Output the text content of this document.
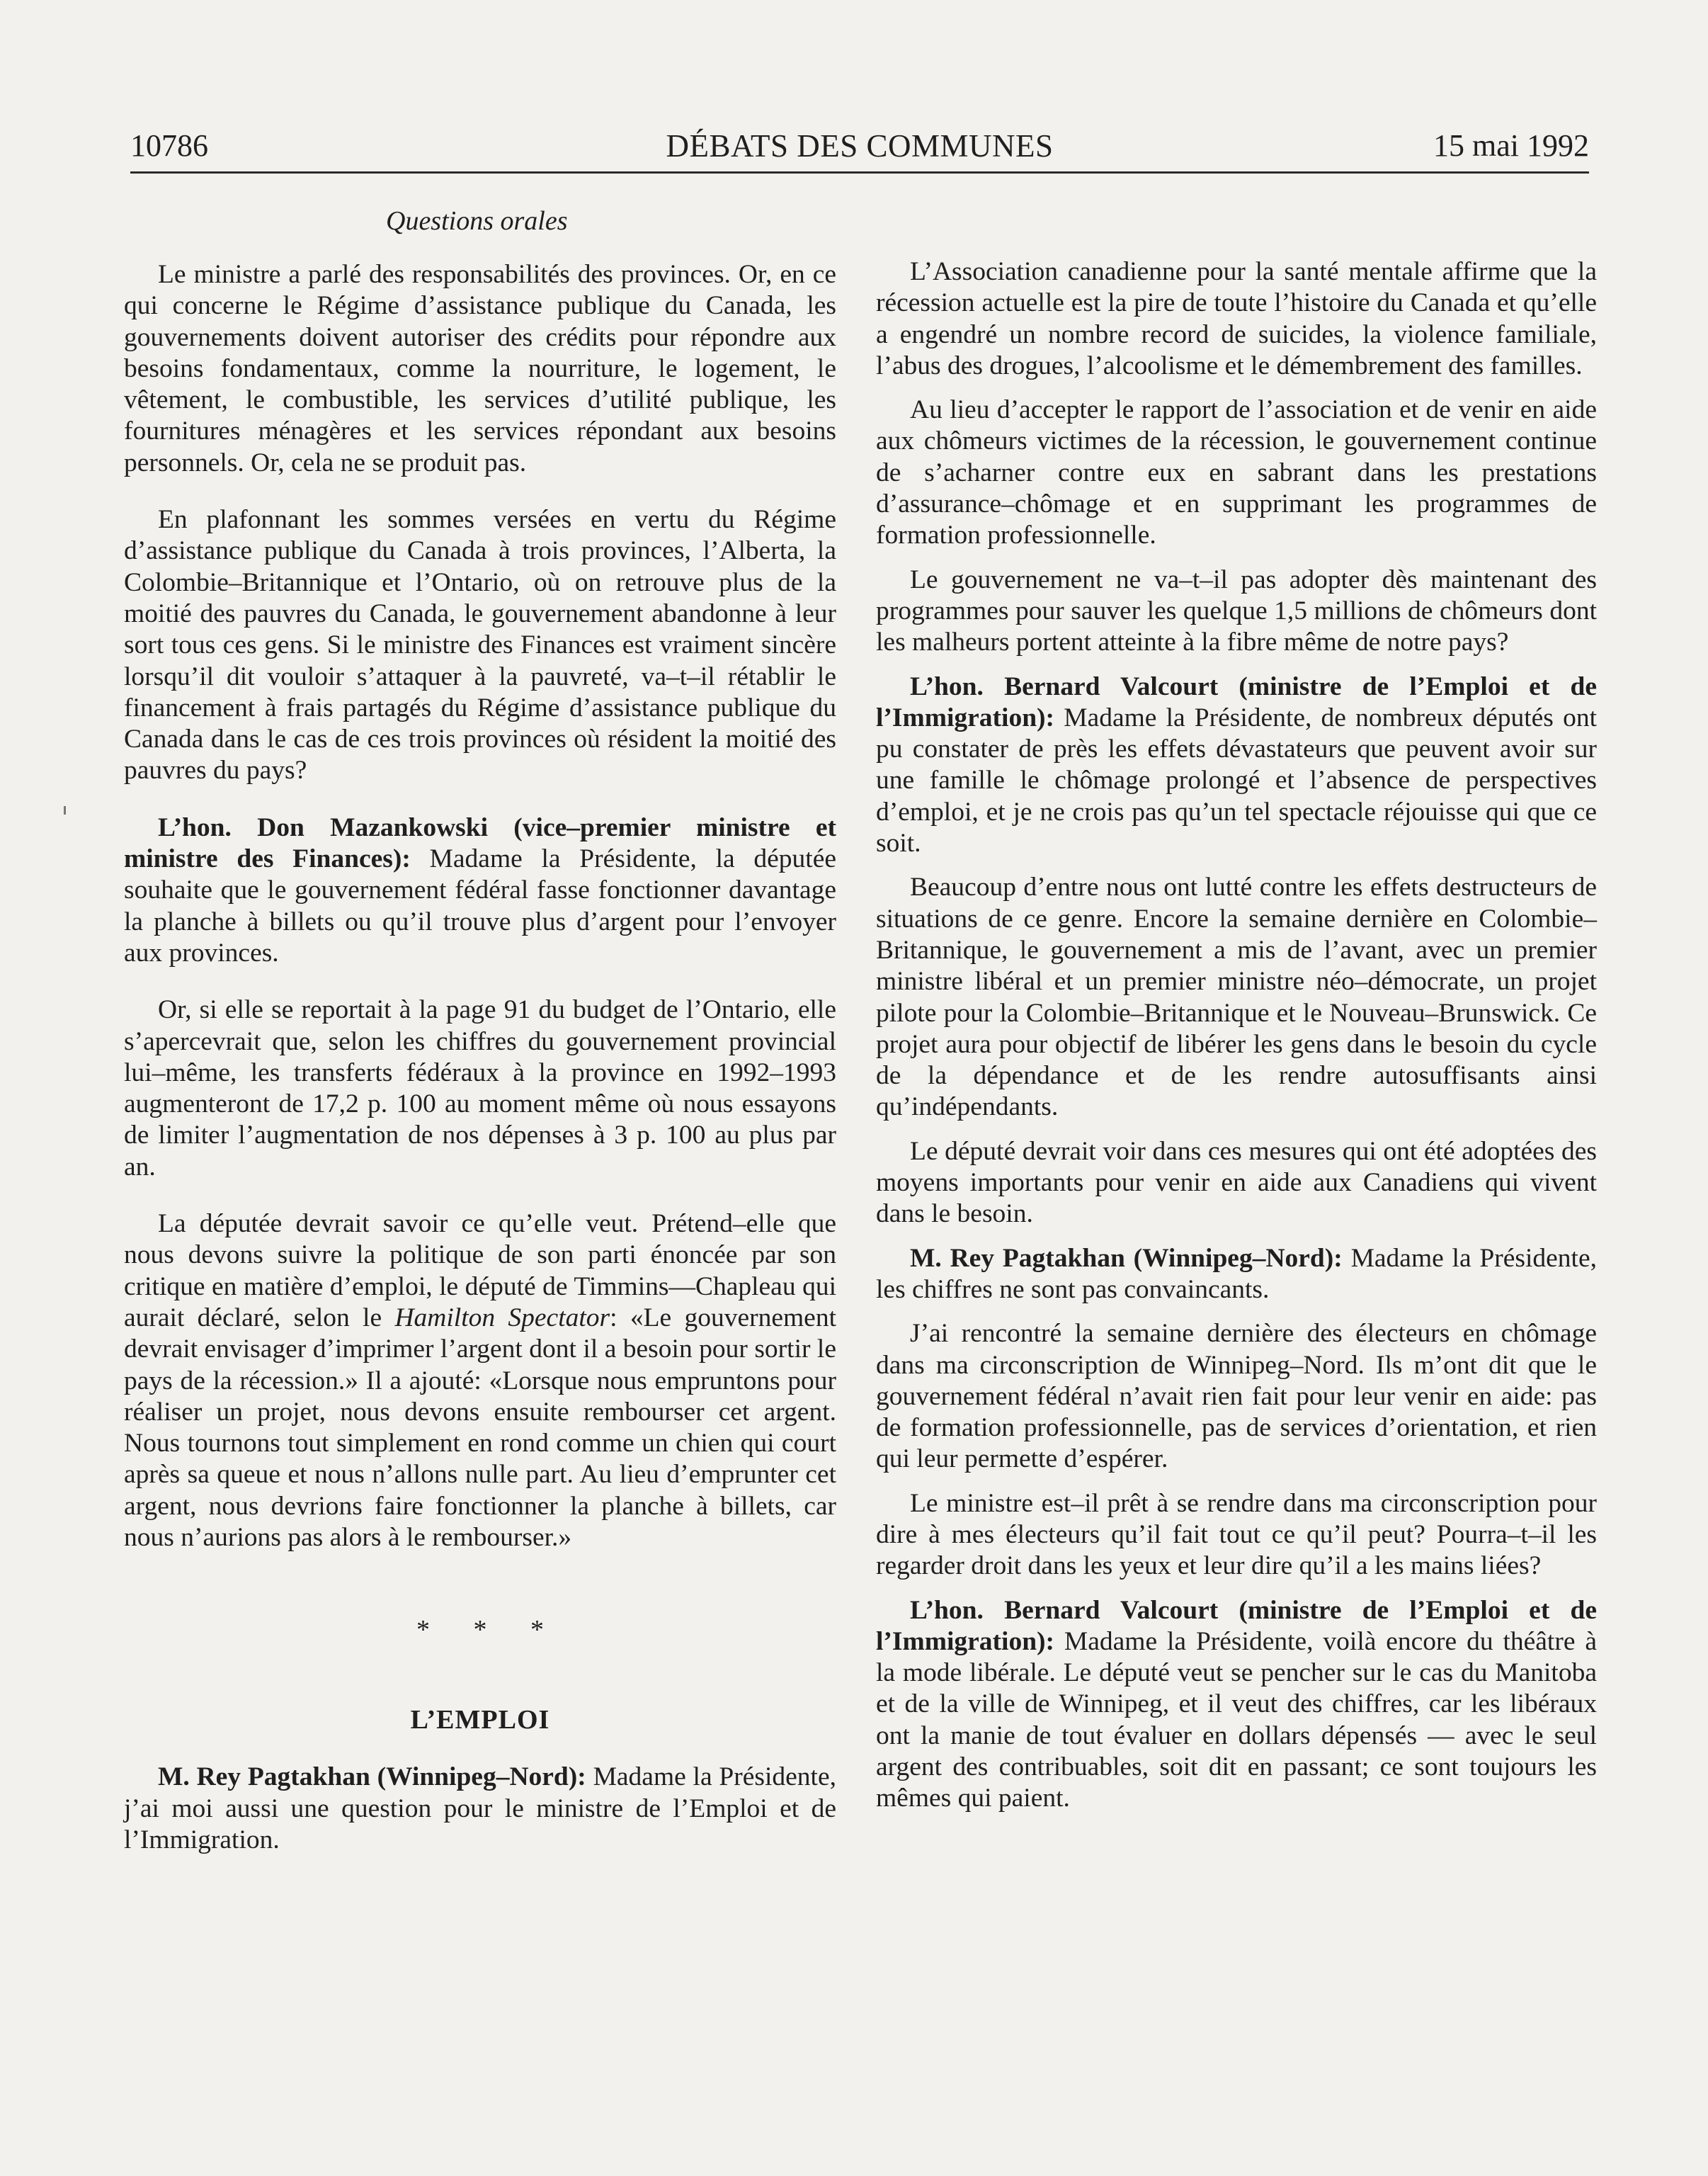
10786	DÉBATS DES COMMUNES	15 mai 1992
Questions orales

Le ministre a parlé des responsabilités des provinces. Or, en ce qui concerne le Régime d’assistance publique du Canada, les gouvernements doivent autoriser des crédits pour répondre aux besoins fondamentaux, comme la nourriture, le logement, le vêtement, le combustible, les services d’utilité publique, les fournitures ménagères et les services répondant aux besoins personnels. Or, cela ne se produit pas.

En plafonnant les sommes versées en vertu du Régime d’assistance publique du Canada à trois provinces, l’Alberta, la Colombie–Britannique et l’Ontario, où on retrouve plus de la moitié des pauvres du Canada, le gouvernement abandonne à leur sort tous ces gens. Si le ministre des Finances est vraiment sincère lorsqu’il dit vouloir s’attaquer à la pauvreté, va–t–il rétablir le financement à frais partagés du Régime d’assistance publique du Canada dans le cas de ces trois provinces où résident la moitié des pauvres du pays?

L’hon. Don Mazankowski (vice–premier ministre et ministre des Finances): Madame la Présidente, la députée souhaite que le gouvernement fédéral fasse fonctionner davantage la planche à billets ou qu’il trouve plus d’argent pour l’envoyer aux provinces.

Or, si elle se reportait à la page 91 du budget de l’Ontario, elle s’apercevrait que, selon les chiffres du gouvernement provincial lui–même, les transferts fédéraux à la province en 1992–1993 augmenteront de 17,2 p. 100 au moment même où nous essayons de limiter l’augmentation de nos dépenses à 3 p. 100 au plus par an.

La députée devrait savoir ce qu’elle veut. Prétend–elle que nous devons suivre la politique de son parti énoncée par son critique en matière d’emploi, le député de Timmins—Chapleau qui aurait déclaré, selon le Hamilton Spectator: «Le gouvernement devrait envisager d’imprimer l’argent dont il a besoin pour sortir le pays de la récession.» Il a ajouté: «Lorsque nous empruntons pour réaliser un projet, nous devons ensuite rembourser cet argent. Nous tournons tout simplement en rond comme un chien qui court après sa queue et nous n’allons nulle part. Au lieu d’emprunter cet argent, nous devrions faire fonctionner la planche à billets, car nous n’aurions pas alors à le rembourser.»

* * *
L’EMPLOI

M. Rey Pagtakhan (Winnipeg–Nord): Madame la Présidente, j’ai moi aussi une question pour le ministre de l’Emploi et de l’Immigration.

L’Association canadienne pour la santé mentale affirme que la récession actuelle est la pire de toute l’histoire du Canada et qu’elle a engendré un nombre record de suicides, la violence familiale, l’abus des drogues, l’alcoolisme et le démembrement des familles.

Au lieu d’accepter le rapport de l’association et de venir en aide aux chômeurs victimes de la récession, le gouvernement continue de s’acharner contre eux en sabrant dans les prestations d’assurance–chômage et en supprimant les programmes de formation professionnelle.

Le gouvernement ne va–t–il pas adopter dès maintenant des programmes pour sauver les quelque 1,5 millions de chômeurs dont les malheurs portent atteinte à la fibre même de notre pays?

L’hon. Bernard Valcourt (ministre de l’Emploi et de l’Immigration): Madame la Présidente, de nombreux députés ont pu constater de près les effets dévastateurs que peuvent avoir sur une famille le chômage prolongé et l’absence de perspectives d’emploi, et je ne crois pas qu’un tel spectacle réjouisse qui que ce soit.

Beaucoup d’entre nous ont lutté contre les effets destructeurs de situations de ce genre. Encore la semaine dernière en Colombie–Britannique, le gouvernement a mis de l’avant, avec un premier ministre libéral et un premier ministre néo–démocrate, un projet pilote pour la Colombie–Britannique et le Nouveau–Brunswick. Ce projet aura pour objectif de libérer les gens dans le besoin du cycle de la dépendance et de les rendre autosuffisants ainsi qu’indépendants.

Le député devrait voir dans ces mesures qui ont été adoptées des moyens importants pour venir en aide aux Canadiens qui vivent dans le besoin.

M. Rey Pagtakhan (Winnipeg–Nord): Madame la Présidente, les chiffres ne sont pas convaincants.

J’ai rencontré la semaine dernière des électeurs en chômage dans ma circonscription de Winnipeg–Nord. Ils m’ont dit que le gouvernement fédéral n’avait rien fait pour leur venir en aide: pas de formation professionnelle, pas de services d’orientation, et rien qui leur permette d’espérer.

Le ministre est–il prêt à se rendre dans ma circonscription pour dire à mes électeurs qu’il fait tout ce qu’il peut? Pourra–t–il les regarder droit dans les yeux et leur dire qu’il a les mains liées?

L’hon. Bernard Valcourt (ministre de l’Emploi et de l’Immigration): Madame la Présidente, voilà encore du théâtre à la mode libérale. Le député veut se pencher sur le cas du Manitoba et de la ville de Winnipeg, et il veut des chiffres, car les libéraux ont la manie de tout évaluer en dollars dépensés — avec le seul argent des contribuables, soit dit en passant; ce sont toujours les mêmes qui paient.
